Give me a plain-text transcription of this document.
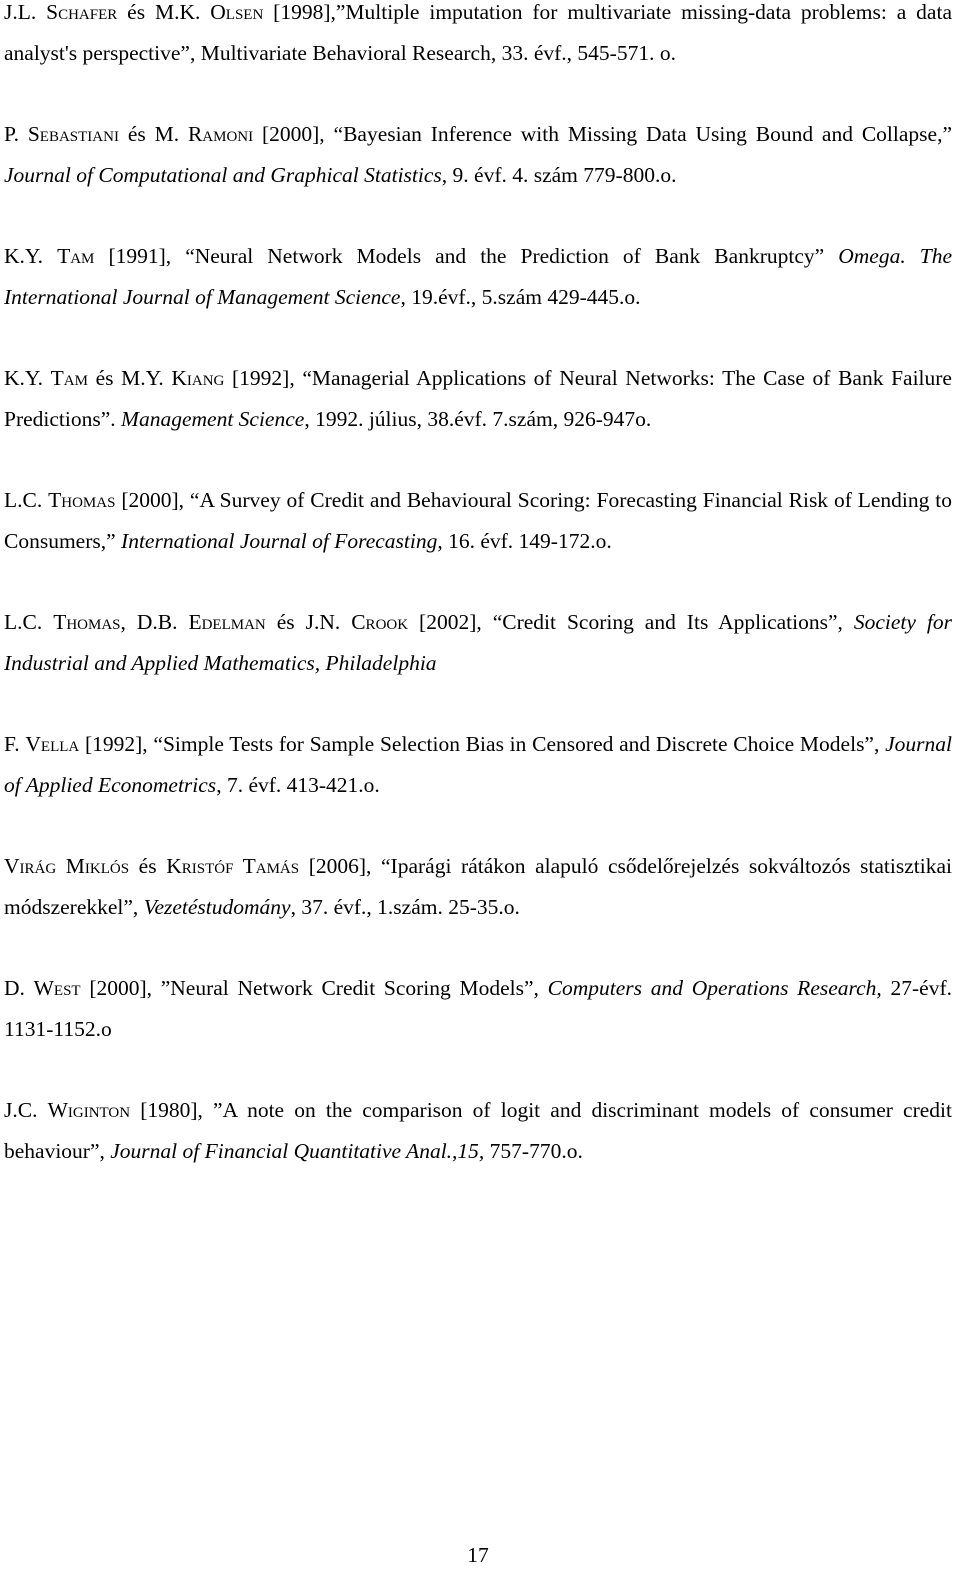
J.L. Schafer és M.K. Olsen [1998],”Multiple imputation for multivariate missing-data problems: a data analyst's perspective”, Multivariate Behavioral Research, 33. évf., 545-571. o.
P. Sebastiani és M. Ramoni [2000], “Bayesian Inference with Missing Data Using Bound and Collapse,” Journal of Computational and Graphical Statistics, 9. évf. 4. szám 779-800.o.
K.Y. Tam [1991], “Neural Network Models and the Prediction of Bank Bankruptcy” Omega. The International Journal of Management Science, 19.évf., 5.szám 429-445.o.
K.Y. Tam és M.Y. Kiang [1992], “Managerial Applications of Neural Networks: The Case of Bank Failure Predictions”. Management Science, 1992. július, 38.évf. 7.szám, 926-947o.
L.C. Thomas [2000], “A Survey of Credit and Behavioural Scoring: Forecasting Financial Risk of Lending to Consumers,” International Journal of Forecasting, 16. évf. 149-172.o.
L.C. Thomas, D.B. Edelman és J.N. Crook [2002], “Credit Scoring and Its Applications”, Society for Industrial and Applied Mathematics, Philadelphia
F. Vella [1992], “Simple Tests for Sample Selection Bias in Censored and Discrete Choice Models”, Journal of Applied Econometrics, 7. évf. 413-421.o.
Virág Miklós és Kristóf Tamás [2006], “Iparági rátákon alapuló csődelőrejelzés sokváltozós statisztikai módszerekkel”, Vezetéstudomány, 37. évf., 1.szám. 25-35.o.
D. West [2000], ”Neural Network Credit Scoring Models”, Computers and Operations Research, 27-évf. 1131-1152.o
J.C. Wiginton [1980], ”A note on the comparison of logit and discriminant models of consumer credit behaviour”, Journal of Financial Quantitative Anal.,15, 757-770.o.
17
